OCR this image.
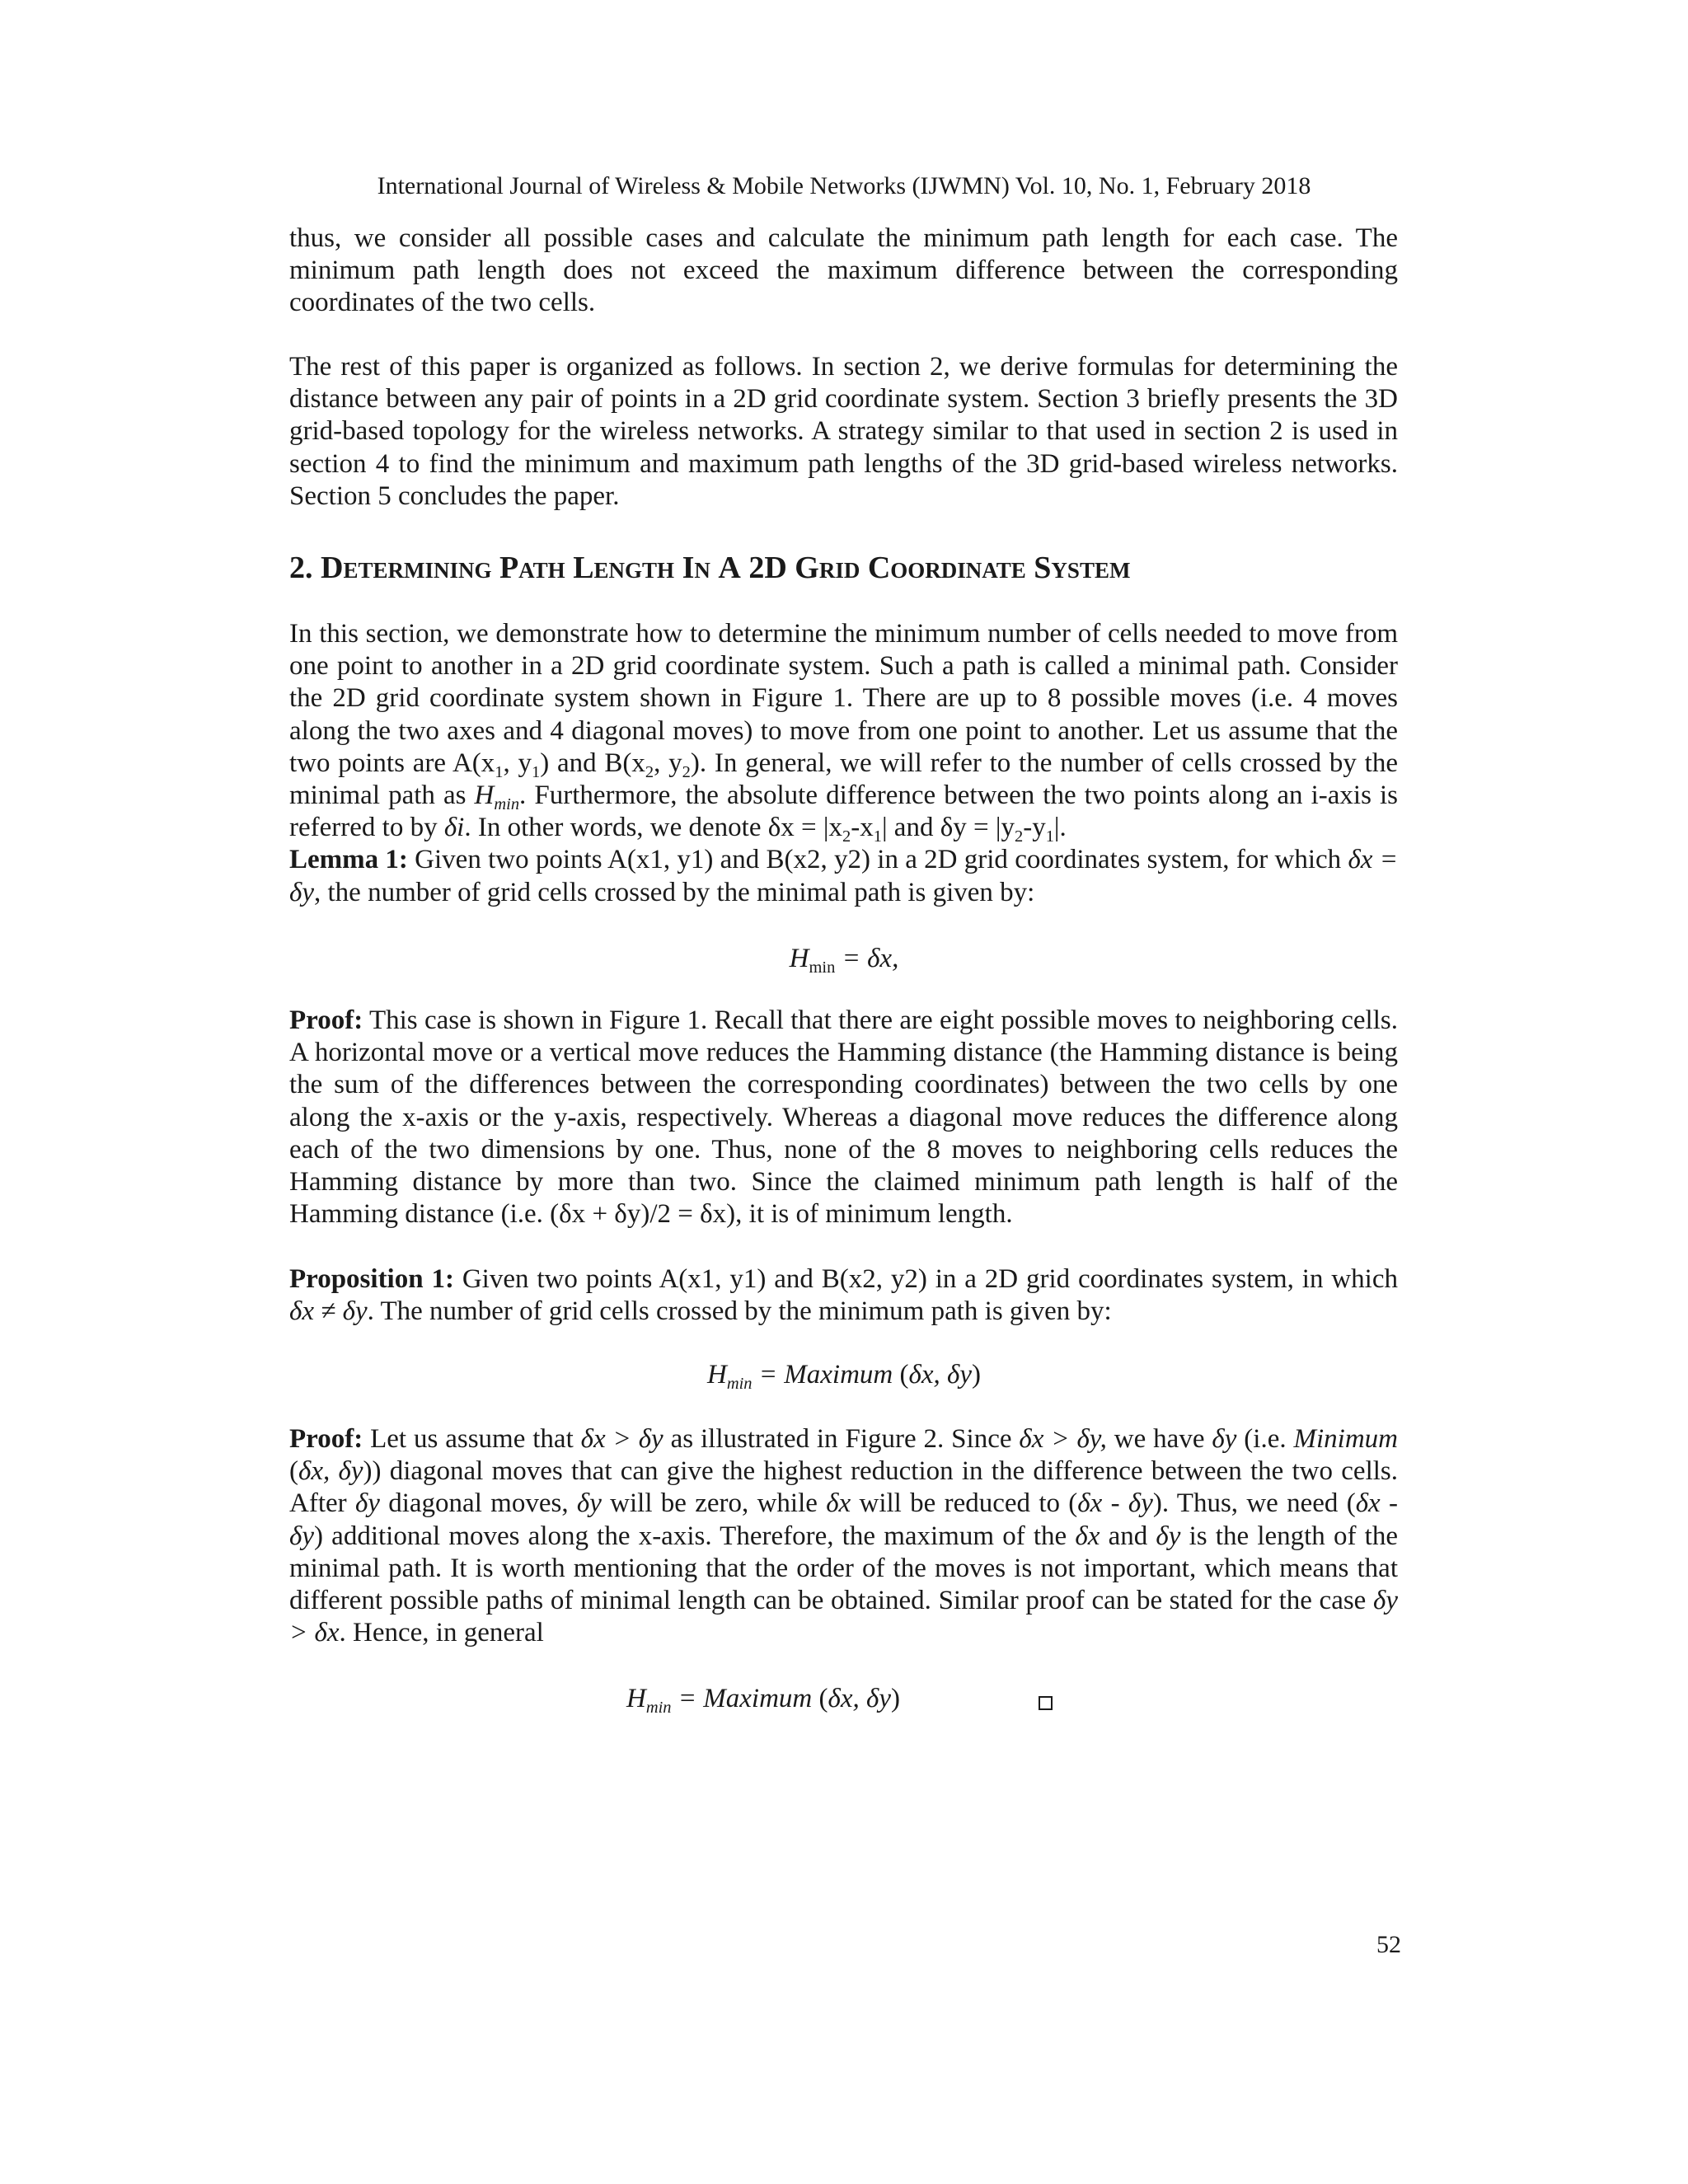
International Journal of Wireless & Mobile Networks (IJWMN) Vol. 10, No. 1, February 2018

thus, we consider all possible cases and calculate the minimum path length for each case. The minimum path length does not exceed the maximum difference between the corresponding coordinates of the two cells.

The rest of this paper is organized as follows. In section 2, we derive formulas for determining the distance between any pair of points in a 2D grid coordinate system. Section 3 briefly presents the 3D grid-based topology for the wireless networks. A strategy similar to that used in section 2 is used in section 4 to find the minimum and maximum path lengths of the 3D grid-based wireless networks. Section 5 concludes the paper.

2. Determining Path Length In A 2D Grid Coordinate System

In this section, we demonstrate how to determine the minimum number of cells needed to move from one point to another in a 2D grid coordinate system. Such a path is called a minimal path. Consider the 2D grid coordinate system shown in Figure 1. There are up to 8 possible moves (i.e. 4 moves along the two axes and 4 diagonal moves) to move from one point to another. Let us assume that the two points are $A(x_1$, $y_1$) and $B(x_2$, $y_2$). In general, we will refer to the number of cells crossed by the minimal path as $H_{min}$. Furthermore, the absolute difference between the two points along an i-axis is referred to by δi. In other words, we denote $\delta x = |x_2-x_1|$ and $\delta y = |y_2-y_1|$.

Lemma 1: Given two points A(x1, y1) and B(x2, y2) in a 2D grid coordinates system, for which δx = δy, the number of grid cells crossed by the minimal path is given by:

$H_{min} = \delta x$,

Proof: This case is shown in Figure 1. Recall that there are eight possible moves to neighboring cells. A horizontal move or a vertical move reduces the Hamming distance (the Hamming distance is being the sum of the differences between the corresponding coordinates) between the two cells by one along the x-axis or the y-axis, respectively. Whereas a diagonal move reduces the difference along each of the two dimensions by one. Thus, none of the 8 moves to neighboring cells reduces the Hamming distance by more than two. Since the claimed minimum path length is half of the Hamming distance (i.e. (δx + δy)/2 = δx), it is of minimum length.

Proposition 1: Given two points A(x1, y1) and B(x2, y2) in a 2D grid coordinates system, in which δx ≠ δy. The number of grid cells crossed by the minimum path is given by:

$H_{min}$ = Maximum (δx, δy)

Proof: Let us assume that δx > δy as illustrated in Figure 2. Since δx > δy, we have δy (i.e. Minimum (δx, δy)) diagonal moves that can give the highest reduction in the difference between the two cells. After δy diagonal moves, δy will be zero, while δx will be reduced to (δx - δy). Thus, we need (δx - δy) additional moves along the x-axis. Therefore, the maximum of the δx and δy is the length of the minimal path. It is worth mentioning that the order of the moves is not important, which means that different possible paths of minimal length can be obtained. Similar proof can be stated for the case δy > δx. Hence, in general

$H_{min}$ = Maximum (δx, δy)
52
